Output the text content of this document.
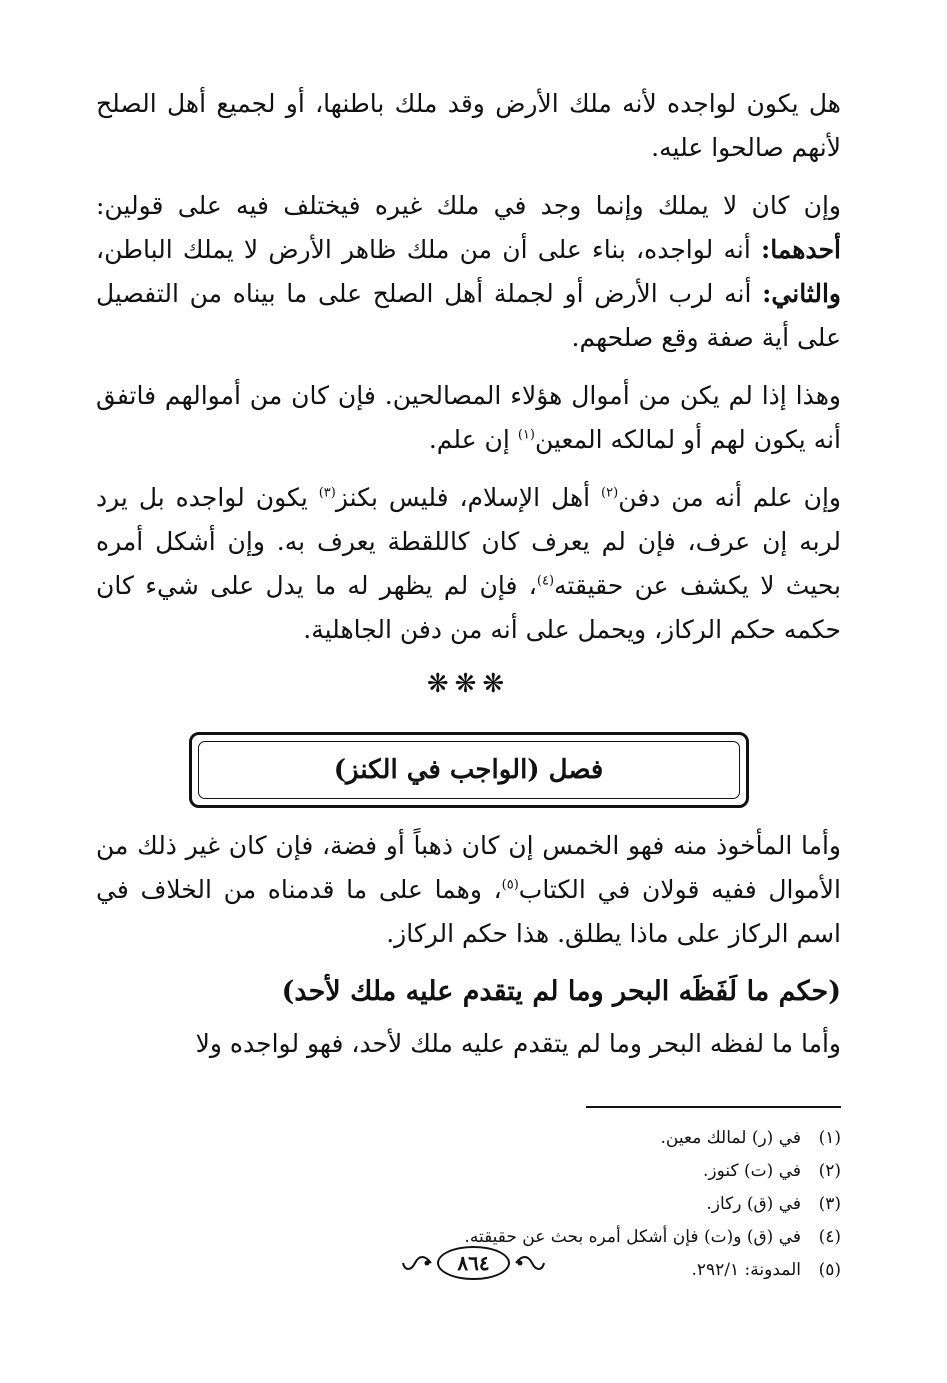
هل يكون لواجده لأنه ملك الأرض وقد ملك باطنها، أو لجميع أهل الصلح لأنهم صالحوا عليه.

وإن كان لا يملك وإنما وجد في ملك غيره فيختلف فيه على قولين: أحدهما: أنه لواجده، بناء على أن من ملك ظاهر الأرض لا يملك الباطن، والثاني: أنه لرب الأرض أو لجملة أهل الصلح على ما بيناه من التفصيل على أية صفة وقع صلحهم.

وهذا إذا لم يكن من أموال هؤلاء المصالحين. فإن كان من أموالهم فاتفق أنه يكون لهم أو لمالكه المعين$^{(١)}$ إن علم.

وإن علم أنه من دفن$^{(٢)}$ أهل الإسلام، فليس بكنز$^{(٣)}$ يكون لواجده بل يرد لربه إن عرف، فإن لم يعرف كان كاللقطة يعرف به. وإن أشكل أمره بحيث لا يكشف عن حقيقته$^{(٤)}$، فإن لم يظهر له ما يدل على شيء كان حكمه حكم الركاز، ويحمل على أنه من دفن الجاهلية.

❋❋❋
فصل (الواجب في الكنز)

وأما المأخوذ منه فهو الخمس إن كان ذهباً أو فضة، فإن كان غير ذلك من الأموال ففيه قولان في الكتاب$^{(٥)}$، وهما على ما قدمناه من الخلاف في اسم الركاز على ماذا يطلق. هذا حكم الركاز.

(حكم ما لَفَظَه البحر وما لم يتقدم عليه ملك لأحد)

وأما ما لفظه البحر وما لم يتقدم عليه ملك لأحد، فهو لواجده ولا

(١)
في (ر) لمالك معين.
(٢)
في (ت) كنوز.
(٣)
في (ق) ركاز.
(٤)
في (ق) و(ت) فإن أشكل أمره بحث عن حقيقته.
(٥)
المدونة: ٢٩٢/١.
٨٦٤
